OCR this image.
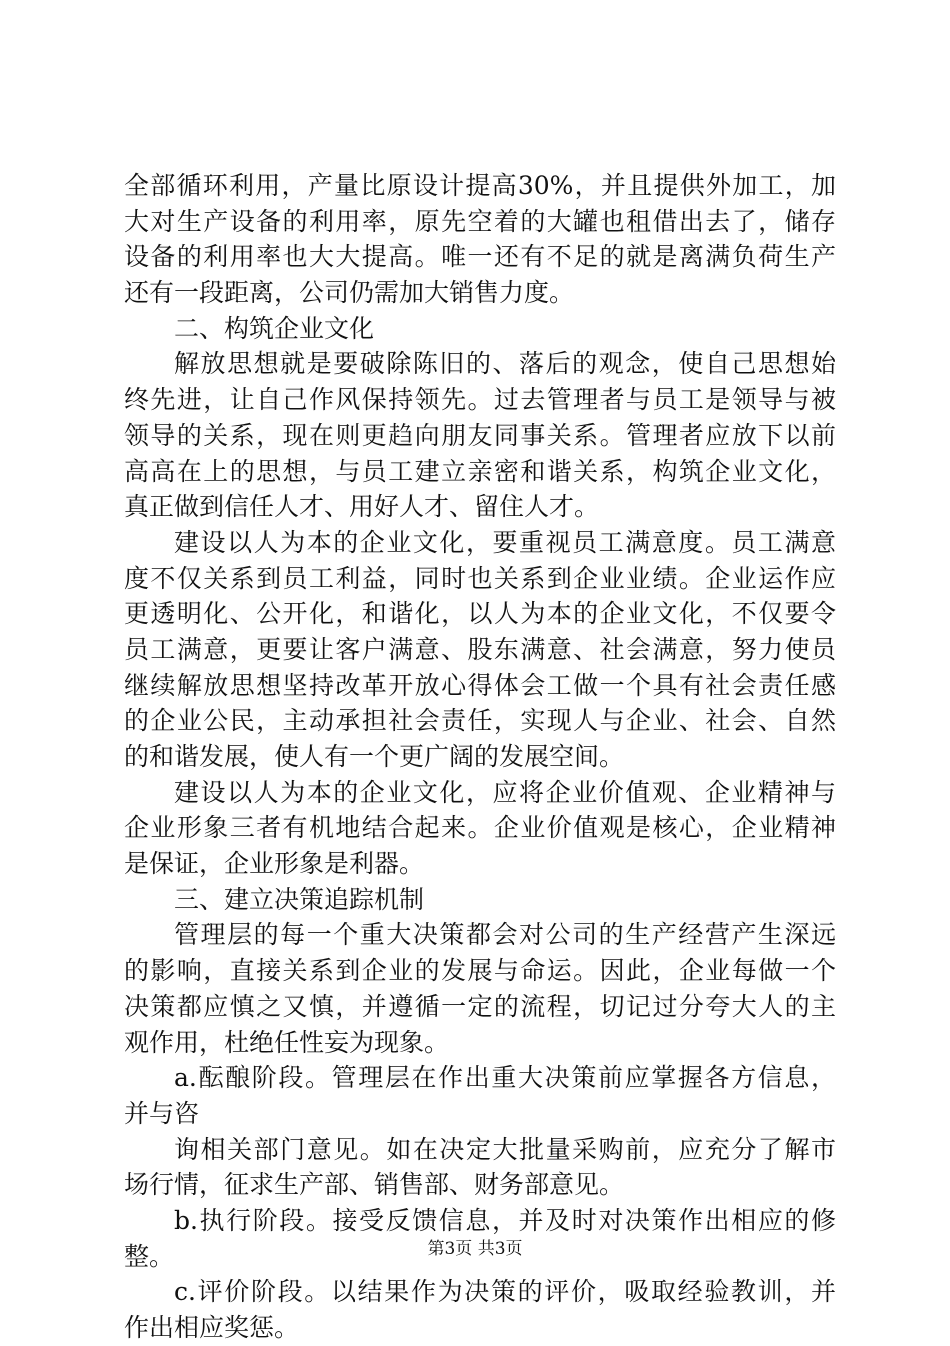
全部循环利用，产量比原设计提高30%，并且提供外加工，加
大对生产设备的利用率，原先空着的大罐也租借出去了，储存
设备的利用率也大大提高。唯一还有不足的就是离满负荷生产
还有一段距离，公司仍需加大销售力度。
二、构筑企业文化
解放思想就是要破除陈旧的、落后的观念，使自己思想始
终先进，让自己作风保持领先。过去管理者与员工是领导与被
领导的关系，现在则更趋向朋友同事关系。管理者应放下以前
高高在上的思想，与员工建立亲密和谐关系，构筑企业文化，
真正做到信任人才、用好人才、留住人才。
建设以人为本的企业文化，要重视员工满意度。员工满意
度不仅关系到员工利益，同时也关系到企业业绩。企业运作应
更透明化、公开化，和谐化，以人为本的企业文化，不仅要令
员工满意，更要让客户满意、股东满意、社会满意，努力使员
继续解放思想坚持改革开放心得体会工做一个具有社会责任感
的企业公民，主动承担社会责任，实现人与企业、社会、自然
的和谐发展，使人有一个更广阔的发展空间。
建设以人为本的企业文化，应将企业价值观、企业精神与
企业形象三者有机地结合起来。企业价值观是核心，企业精神
是保证，企业形象是利器。
三、建立决策追踪机制
管理层的每一个重大决策都会对公司的生产经营产生深远
的影响，直接关系到企业的发展与命运。因此，企业每做一个
决策都应慎之又慎，并遵循一定的流程，切记过分夸大人的主
观作用，杜绝任性妄为现象。
a.酝酿阶段。管理层在作出重大决策前应掌握各方信息，
并与咨
询相关部门意见。如在决定大批量采购前，应充分了解市
场行情，征求生产部、销售部、财务部意见。
b.执行阶段。接受反馈信息，并及时对决策作出相应的修
整。
c.评价阶段。以结果作为决策的评价，吸取经验教训，并
作出相应奖惩。
第3页 共3页
